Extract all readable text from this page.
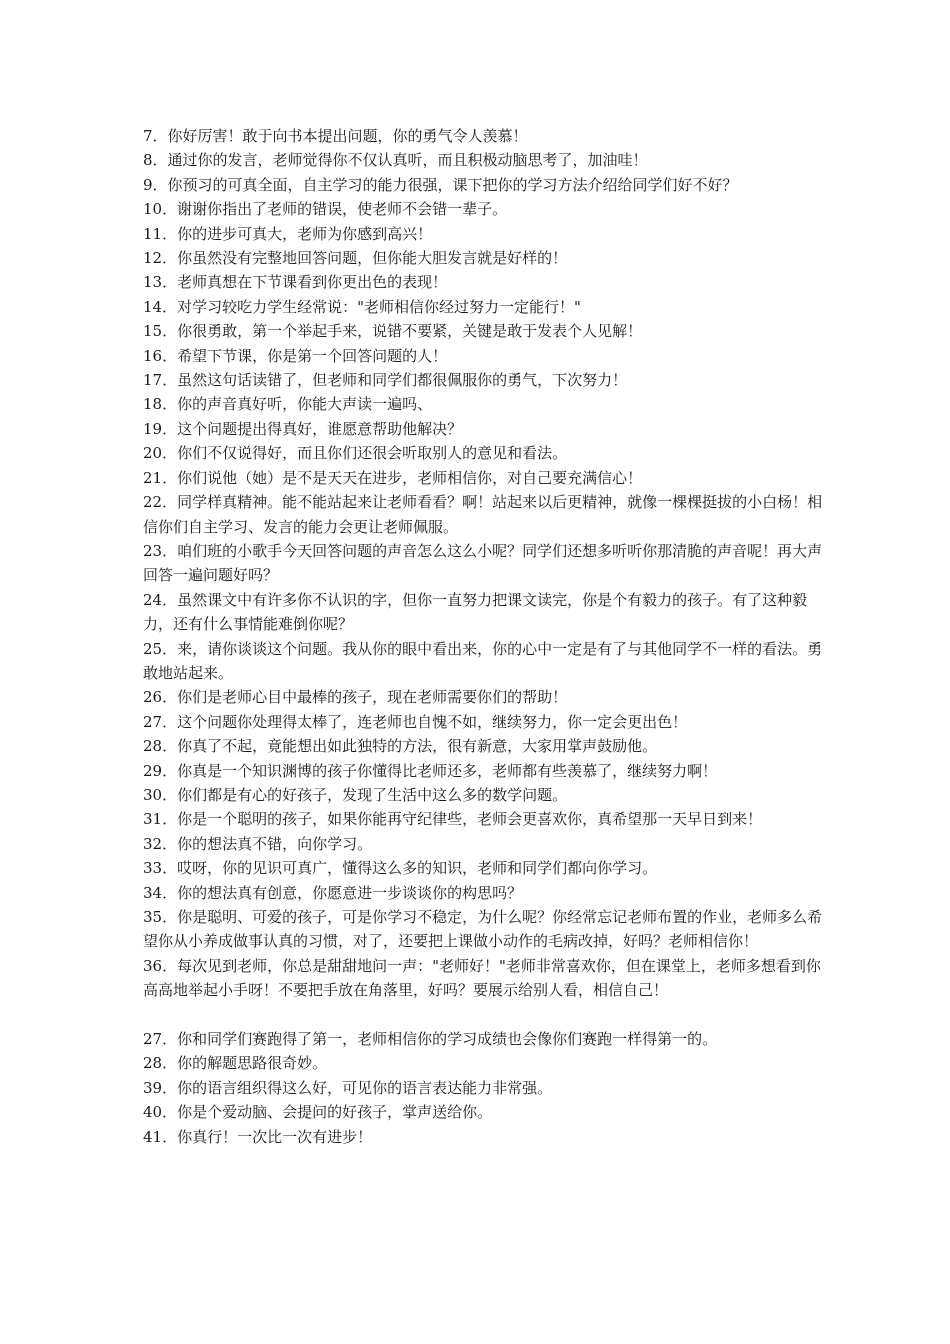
7．你好厉害！敢于向书本提出问题，你的勇气令人羡慕！

8．通过你的发言，老师觉得你不仅认真听，而且积极动脑思考了，加油哇！

9．你预习的可真全面，自主学习的能力很强，课下把你的学习方法介绍给同学们好不好？

10．谢谢你指出了老师的错误，使老师不会错一辈子。

11．你的进步可真大，老师为你感到高兴！

12．你虽然没有完整地回答问题，但你能大胆发言就是好样的！

13．老师真想在下节课看到你更出色的表现！

14．对学习较吃力学生经常说："老师相信你经过努力一定能行！"

15．你很勇敢，第一个举起手来，说错不要紧，关键是敢于发表个人见解！

16．希望下节课，你是第一个回答问题的人！

17．虽然这句话读错了，但老师和同学们都很佩服你的勇气，下次努力！

18．你的声音真好听，你能大声读一遍吗、

19．这个问题提出得真好，谁愿意帮助他解决？

20．你们不仅说得好，而且你们还很会听取别人的意见和看法。

21．你们说他（她）是不是天天在进步，老师相信你，对自己要充满信心！

22．同学样真精神。能不能站起来让老师看看？啊！站起来以后更精神，就像一棵棵挺拔的小白杨！相信你们自主学习、发言的能力会更让老师佩服。

23．咱们班的小歌手今天回答问题的声音怎么这么小呢？同学们还想多听听你那清脆的声音呢！再大声回答一遍问题好吗？

24．虽然课文中有许多你不认识的字，但你一直努力把课文读完，你是个有毅力的孩子。有了这种毅力，还有什么事情能难倒你呢？

25．来，请你谈谈这个问题。我从你的眼中看出来，你的心中一定是有了与其他同学不一样的看法。勇敢地站起来。

26．你们是老师心目中最棒的孩子，现在老师需要你们的帮助！

27．这个问题你处理得太棒了，连老师也自愧不如，继续努力，你一定会更出色！

28．你真了不起，竟能想出如此独特的方法，很有新意，大家用掌声鼓励他。

29．你真是一个知识渊博的孩子你懂得比老师还多，老师都有些羡慕了，继续努力啊！

30．你们都是有心的好孩子，发现了生活中这么多的数学问题。

31．你是一个聪明的孩子，如果你能再守纪律些，老师会更喜欢你，真希望那一天早日到来！

32．你的想法真不错，向你学习。

33．哎呀，你的见识可真广，懂得这么多的知识，老师和同学们都向你学习。

34．你的想法真有创意，你愿意进一步谈谈你的构思吗？

35．你是聪明、可爱的孩子，可是你学习不稳定，为什么呢？你经常忘记老师布置的作业，老师多么希望你从小养成做事认真的习惯，对了，还要把上课做小动作的毛病改掉，好吗？老师相信你！

36．每次见到老师，你总是甜甜地问一声："老师好！"老师非常喜欢你，但在课堂上，老师多想看到你高高地举起小手呀！不要把手放在角落里，好吗？要展示给别人看，相信自己！

27．你和同学们赛跑得了第一，老师相信你的学习成绩也会像你们赛跑一样得第一的。

28．你的解题思路很奇妙。

39．你的语言组织得这么好，可见你的语言表达能力非常强。

40．你是个爱动脑、会提问的好孩子，掌声送给你。

41．你真行！一次比一次有进步！
